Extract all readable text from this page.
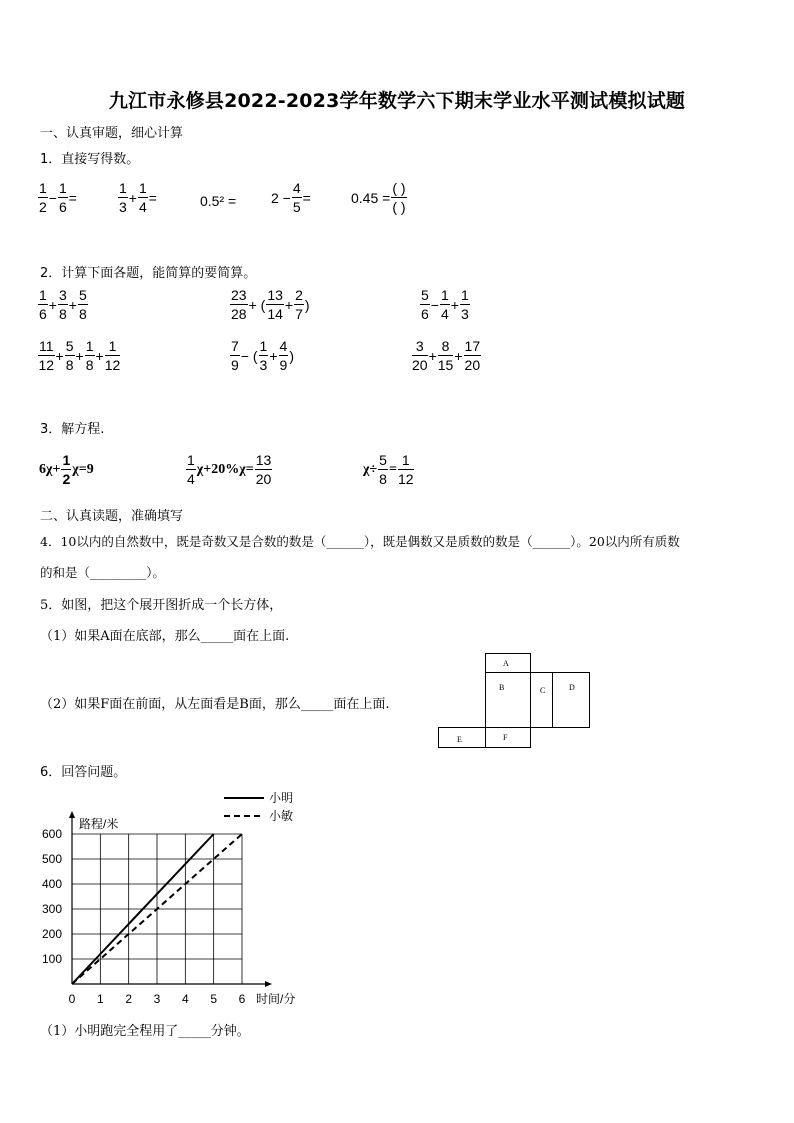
九江市永修县2022-2023学年数学六下期末学业水平测试模拟试题
一、认真审题，细心计算
1．直接写得数。
$\frac{1}{2} - \frac{1}{6}$ =	$\frac{1}{3} + \frac{1}{4}$ =	$0.5^2 = 2 - \frac{4}{5}$ =	$0.45 = \frac{( )}{( )}$
2．计算下面各题，能简算的要简算。
$\frac{1}{6} + \frac{3}{8} + \frac{5}{8}$	$\frac{23}{28}$ + ( $\frac{13}{14} + \frac{2}{7}$ )	$\frac{5}{6} - \frac{1}{4} + \frac{1}{3}$
$\frac{11}{12} + \frac{5}{8} + \frac{1}{8} + \frac{1}{12}$	$\frac{7}{9}$ − ( $\frac{1}{3} + \frac{4}{9}$ )	$\frac{3}{20} + \frac{8}{15} + \frac{17}{20}$
3．解方程.
$6\chi+ \frac{1}{2} \chi=9$	$\frac{1}{4} \chi+20\%\chi= \frac{13}{20}$	$\chi\div \frac{5}{8} = \frac{1}{12}$
二、认真读题，准确填写
4．10以内的自然数中，既是奇数又是合数的数是（______），既是偶数又是质数的数是（______）。20以内所有质数
的和是（_________）。
5．如图，把这个展开图折成一个长方体，
（1）如果A面在底部，那么_____面在上面.
（2）如果F面在前面，从左面看是B面，那么_____面在上面.
A
B	C	D
E	F
6．回答问题。
0 1 2 3 4 5 6
100
200
300
400
500
600
小明
小敏
路程/米
时间/分
（1）小明跑完全程用了_____分钟。
